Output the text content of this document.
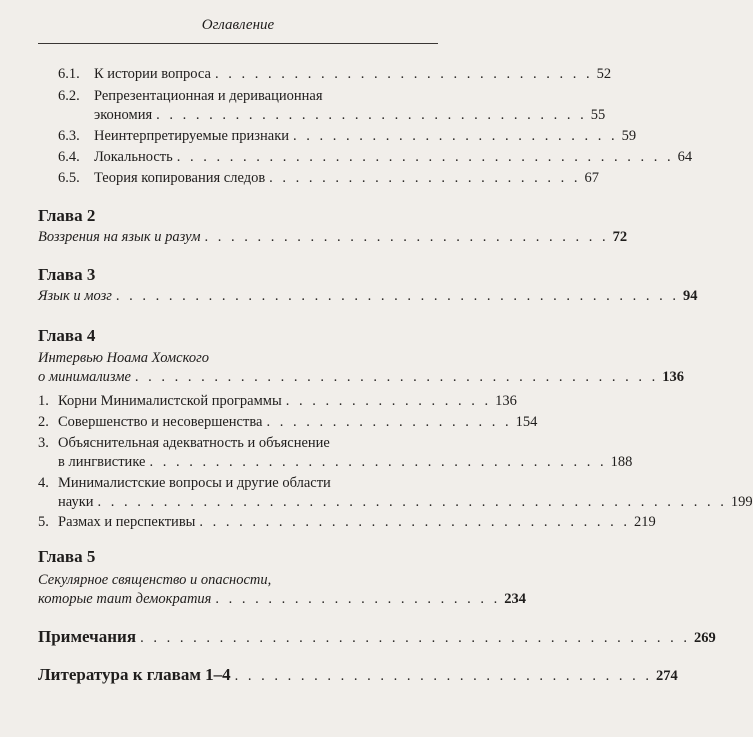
Оглавление
6.1. К истории вопроса . . . . . . . . . . . . . . . . . . . . . . . . . . . . . 52
6.2. Репрезентационная и деривационная
экономия . . . . . . . . . . . . . . . . . . . . . . . . . . . . . . . . . 55
6.3. Неинтерпретируемые признаки . . . . . . . . . . . . . . . . . . . . . . . . . 59
6.4. Локальность . . . . . . . . . . . . . . . . . . . . . . . . . . . . . . . . . . . . . . 64
6.5. Теория копирования следов . . . . . . . . . . . . . . . . . . . . . . . . 67
Глава 2
Воззрения на язык и разум . . . . . . . . . . . . . . . . . . . . . . . . . . . . . . . 72
Глава 3
Язык и мозг . . . . . . . . . . . . . . . . . . . . . . . . . . . . . . . . . . . . . . . . . . . 94
Глава 4
Интервью Ноама Хомского
о минимализме . . . . . . . . . . . . . . . . . . . . . . . . . . . . . . . . . . . . . . . . 136
1. Корни Минималистской программы . . . . . . . . . . . . . . . . 136
2. Совершенство и несовершенства . . . . . . . . . . . . . . . . . . . 154
3. Объяснительная адекватность и объяснение
в лингвистике . . . . . . . . . . . . . . . . . . . . . . . . . . . . . . . . . . . 188
4. Минималистские вопросы и другие области
науки . . . . . . . . . . . . . . . . . . . . . . . . . . . . . . . . . . . . . . . . . . . . . . . . 199
5. Размах и перспективы . . . . . . . . . . . . . . . . . . . . . . . . . . . . . . . . . 219
Глава 5
Секулярное священство и опасности,
которые таит демократия . . . . . . . . . . . . . . . . . . . . . . 234
Примечания . . . . . . . . . . . . . . . . . . . . . . . . . . . . . . . . . . . . . . . . . . 269
Литература к главам 1–4 . . . . . . . . . . . . . . . . . . . . . . . . . . . . . . . . 274
